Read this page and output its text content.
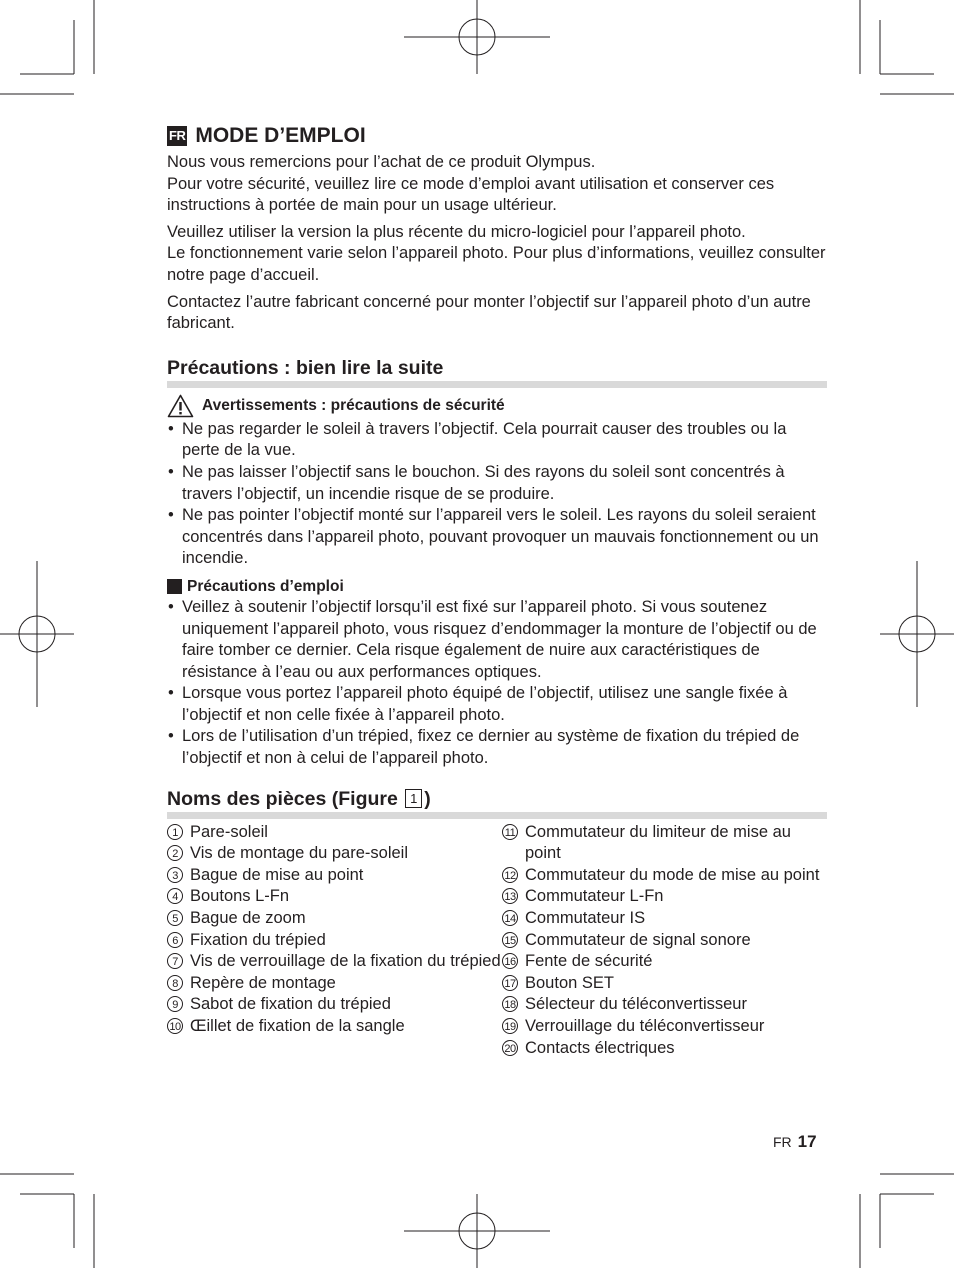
FR MODE D’EMPLOI

Nous vous remercions pour l’achat de ce produit Olympus.
Pour votre sécurité, veuillez lire ce mode d’emploi avant utilisation et conserver ces instructions à portée de main pour un usage ultérieur.

Veuillez utiliser la version la plus récente du micro-logiciel pour l’appareil photo.
Le fonctionnement varie selon l’appareil photo. Pour plus d’informations, veuillez consulter notre page d’accueil.

Contactez l’autre fabricant concerné pour monter l’objectif sur l’appareil photo d’un autre fabricant.

Précautions : bien lire la suite
Avertissements : précautions de sécurité
• Ne pas regarder le soleil à travers l’objectif. Cela pourrait causer des troubles ou la perte de la vue.
• Ne pas laisser l’objectif sans le bouchon. Si des rayons du soleil sont concentrés à travers l’objectif, un incendie risque de se produire.
• Ne pas pointer l’objectif monté sur l’appareil vers le soleil. Les rayons du soleil seraient concentrés dans l’appareil photo, pouvant provoquer un mauvais fonctionnement ou un incendie.
Précautions d’emploi
• Veillez à soutenir l’objectif lorsqu’il est fixé sur l’appareil photo. Si vous soutenez uniquement l’appareil photo, vous risquez d’endommager la monture de l’objectif ou de faire tomber ce dernier. Cela risque également de nuire aux caractéristiques de résistance à l’eau ou aux performances optiques.
• Lorsque vous portez l’appareil photo équipé de l’objectif, utilisez une sangle fixée à l’objectif et non celle fixée à l’appareil photo.
• Lors de l’utilisation d’un trépied, fixez ce dernier au système de fixation du trépied de l’objectif et non à celui de l’appareil photo.
Noms des pièces (Figure 1 )
1 Pare-soleil
2 Vis de montage du pare-soleil
3 Bague de mise au point
4 Boutons L-Fn
5 Bague de zoom
6 Fixation du trépied
7 Vis de verrouillage de la fixation du trépied
8 Repère de montage
9 Sabot de fixation du trépied
10 Œillet de fixation de la sangle
11 Commutateur du limiteur de mise au point
12 Commutateur du mode de mise au point
13 Commutateur L-Fn
14 Commutateur IS
15 Commutateur de signal sonore
16 Fente de sécurité
17 Bouton SET
18 Sélecteur du téléconvertisseur
19 Verrouillage du téléconvertisseur
20 Contacts électriques
FR 17
